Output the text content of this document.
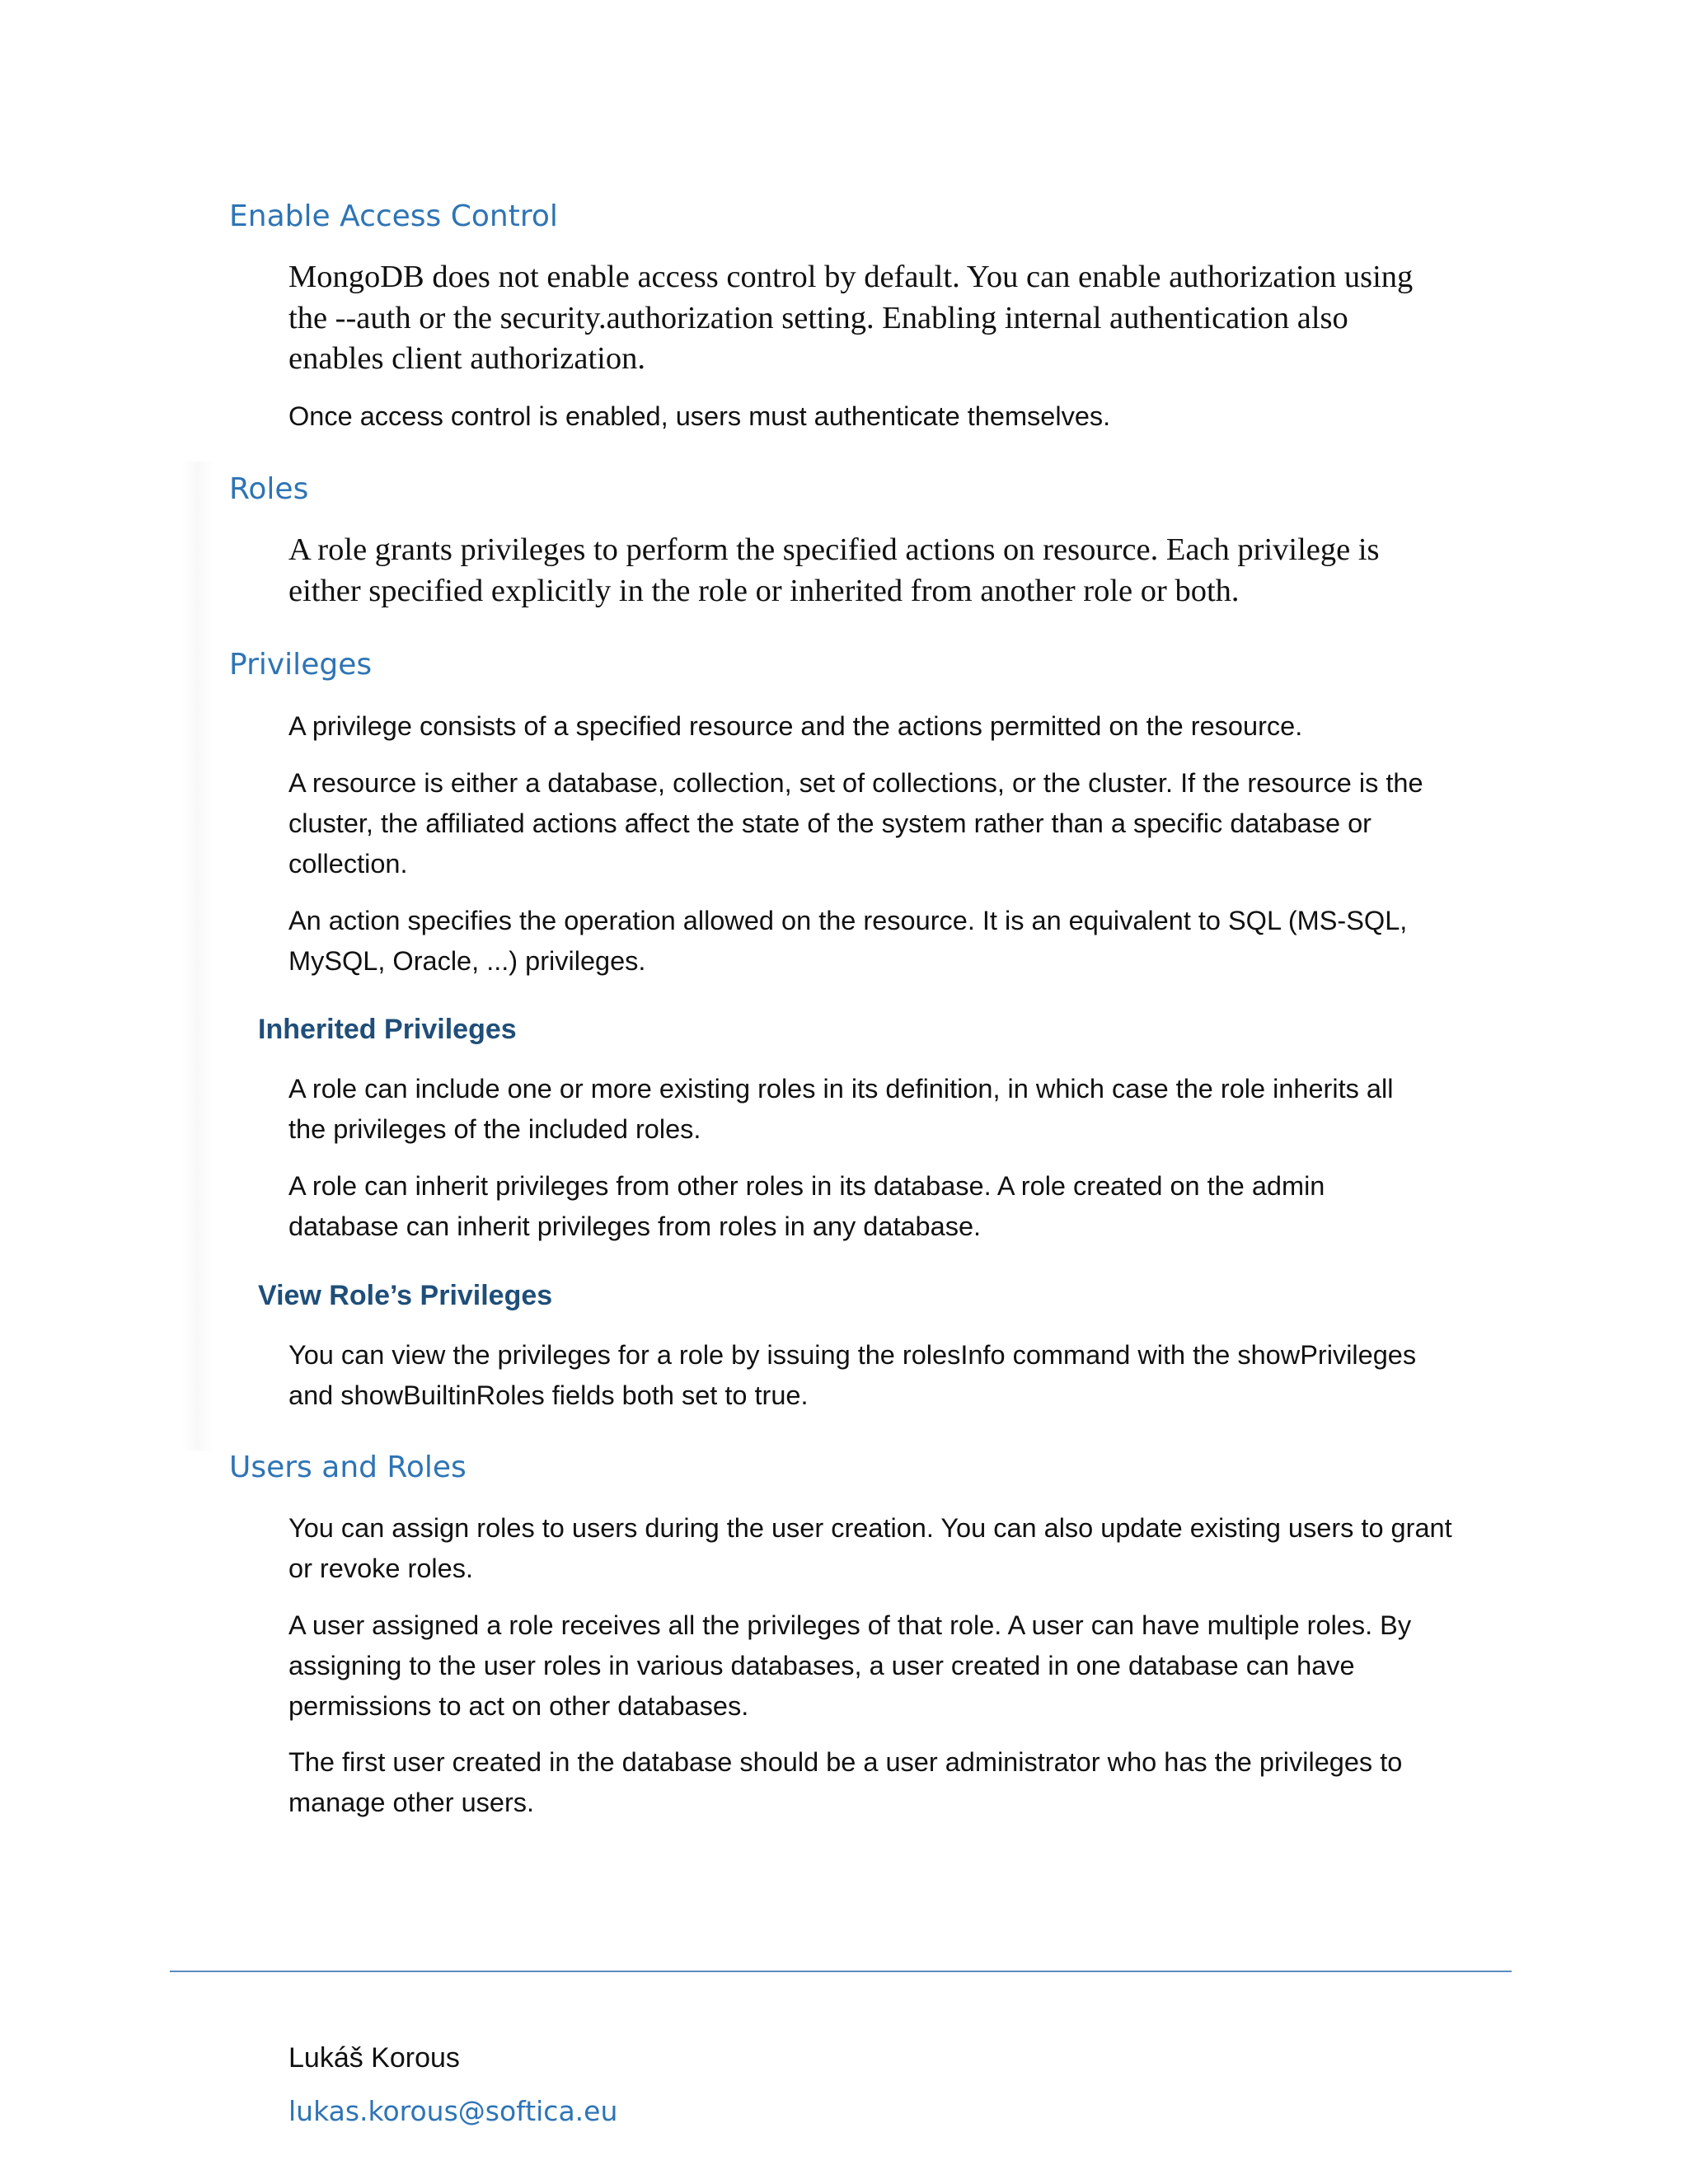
Enable Access Control
MongoDB does not enable access control by default. You can enable authorization using
the --auth or the security.authorization setting. Enabling internal authentication also
enables client authorization.

Once access control is enabled, users must authenticate themselves.

Roles
A role grants privileges to perform the specified actions on resource. Each privilege is
either specified explicitly in the role or inherited from another role or both.
Privileges
A privilege consists of a specified resource and the actions permitted on the resource.
A resource is either a database, collection, set of collections, or the cluster. If the resource is the
cluster, the affiliated actions affect the state of the system rather than a specific database or
collection.
An action specifies the operation allowed on the resource. It is an equivalent to SQL (MS-SQL,
MySQL, Oracle, ...) privileges.
Inherited Privileges
A role can include one or more existing roles in its definition, in which case the role inherits all
the privileges of the included roles.
A role can inherit privileges from other roles in its database. A role created on the admin
database can inherit privileges from roles in any database.
View Role’s Privileges
You can view the privileges for a role by issuing the rolesInfo command with the showPrivileges
and showBuiltinRoles fields both set to true.
Users and Roles
You can assign roles to users during the user creation. You can also update existing users to grant
or revoke roles.
A user assigned a role receives all the privileges of that role. A user can have multiple roles. By
assigning to the user roles in various databases, a user created in one database can have
permissions to act on other databases.
The first user created in the database should be a user administrator who has the privileges to
manage other users.

Lukáš Korous

lukas.korous@softica.eu
